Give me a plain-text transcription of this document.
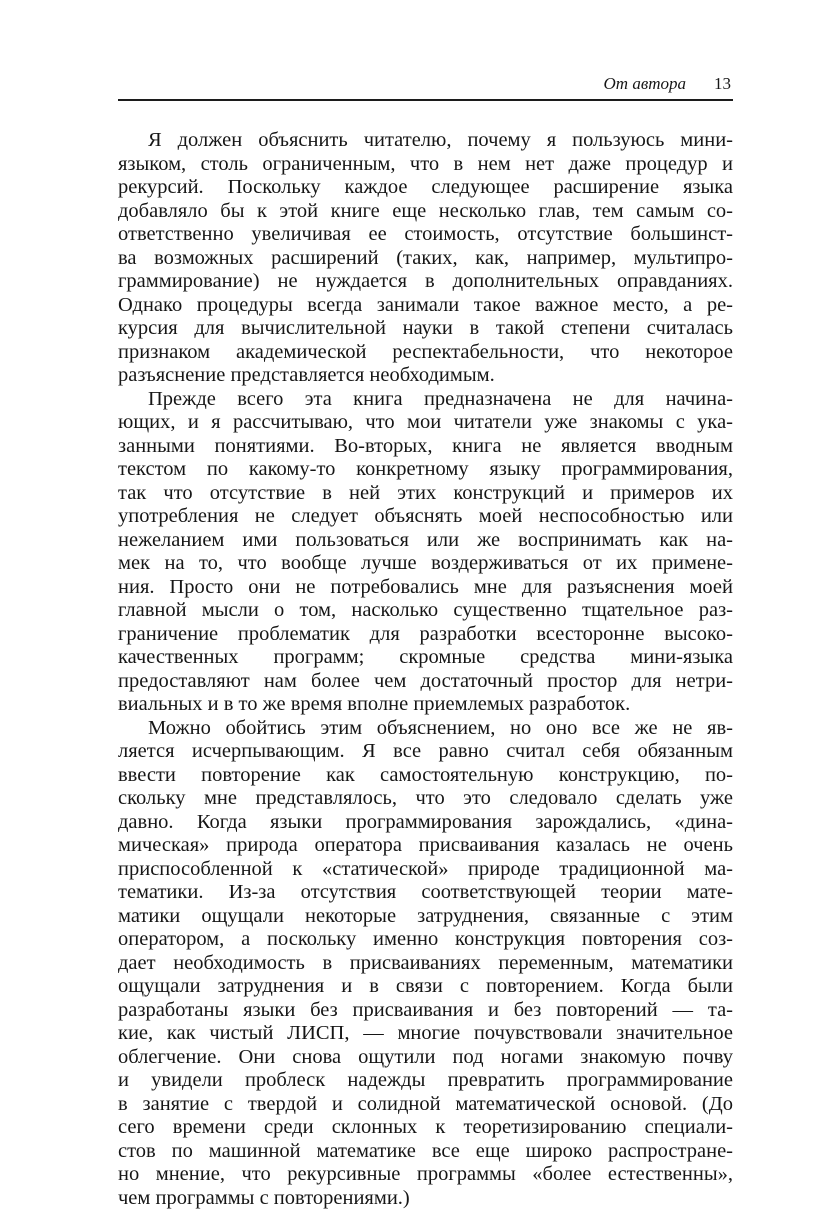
От автора 13

Я должен объяснить читателю, почему я пользуюсь мини-
языком, столь ограниченным, что в нем нет даже процедур и
рекурсий. Поскольку каждое следующее расширение языка
добавляло бы к этой книге еще несколько глав, тем самым со-
ответственно увеличивая ее стоимость, отсутствие большинст-
ва возможных расширений (таких, как, например, мультипро-
граммирование) не нуждается в дополнительных оправданиях.
Однако процедуры всегда занимали такое важное место, а ре-
курсия для вычислительной науки в такой степени считалась
признаком академической респектабельности, что некоторое
разъяснение представляется необходимым.

Прежде всего эта книга предназначена не для начина-
ющих, и я рассчитываю, что мои читатели уже знакомы с ука-
занными понятиями. Во-вторых, книга не является вводным
текстом по какому-то конкретному языку программирования,
так что отсутствие в ней этих конструкций и примеров их
употребления не следует объяснять моей неспособностью или
нежеланием ими пользоваться или же воспринимать как на-
мек на то, что вообще лучше воздерживаться от их примене-
ния. Просто они не потребовались мне для разъяснения моей
главной мысли о том, насколько существенно тщательное раз-
граничение проблематик для разработки всесторонне высоко-
качественных программ; скромные средства мини-языка
предоставляют нам более чем достаточный простор для нетри-
виальных и в то же время вполне приемлемых разработок.

Можно обойтись этим объяснением, но оно все же не яв-
ляется исчерпывающим. Я все равно считал себя обязанным
ввести повторение как самостоятельную конструкцию, по-
скольку мне представлялось, что это следовало сделать уже
давно. Когда языки программирования зарождались, «дина-
мическая» природа оператора присваивания казалась не очень
приспособленной к «статической» природе традиционной ма-
тематики. Из-за отсутствия соответствующей теории мате-
матики ощущали некоторые затруднения, связанные с этим
оператором, а поскольку именно конструкция повторения соз-
дает необходимость в присваиваниях переменным, математики
ощущали затруднения и в связи с повторением. Когда были
разработаны языки без присваивания и без повторений — та-
кие, как чистый ЛИСП, — многие почувствовали значительное
облегчение. Они снова ощутили под ногами знакомую почву
и увидели проблеск надежды превратить программирование
в занятие с твердой и солидной математической основой. (До
сего времени среди склонных к теоретизированию специали-
стов по машинной математике все еще широко распростране-
но мнение, что рекурсивные программы «более естественны»,
чем программы с повторениями.)
